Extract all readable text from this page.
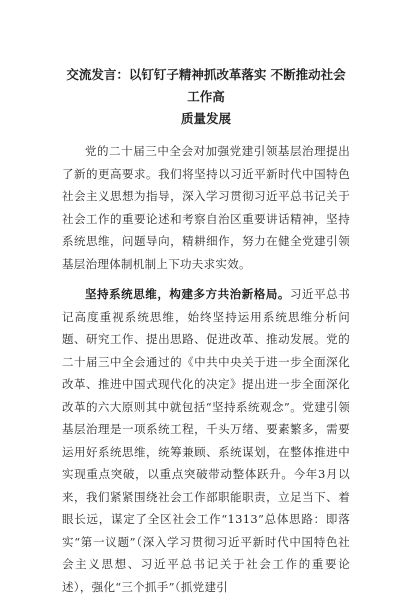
交流发言：以钉钉子精神抓改革落实 不断推动社会工作高
质量发展

党的二十届三中全会对加强党建引领基层治理提出了新的更高要求。我们将坚持以习近平新时代中国特色社会主义思想为指导，深入学习贯彻习近平总书记关于社会工作的重要论述和考察自治区重要讲话精神，坚持系统思维，问题导向，精耕细作，努力在健全党建引领基层治理体制机制上下功夫求实效。

坚持系统思维，构建多方共治新格局。习近平总书记高度重视系统思维，始终坚持运用系统思维分析问题、研究工作、提出思路、促进改革、推动发展。党的二十届三中全会通过的《中共中央关于进一步全面深化改革、推进中国式现代化的决定》提出进一步全面深化改革的六大原则其中就包括“坚持系统观念”。党建引领基层治理是一项系统工程，千头万绪、要素繁多，需要运用好系统思维，统筹兼顾、系统谋划，在整体推进中实现重点突破，以重点突破带动整体跃升。今年3月以来，我们紧紧围绕社会工作部职能职责，立足当下、着眼长远，谋定了全区社会工作“1313”总体思路：即落实“第一议题”（深入学习贯彻习近平新时代中国特色社会主义思想、习近平总书记关于社会工作的重要论述），强化“三个抓手”（抓党建引
